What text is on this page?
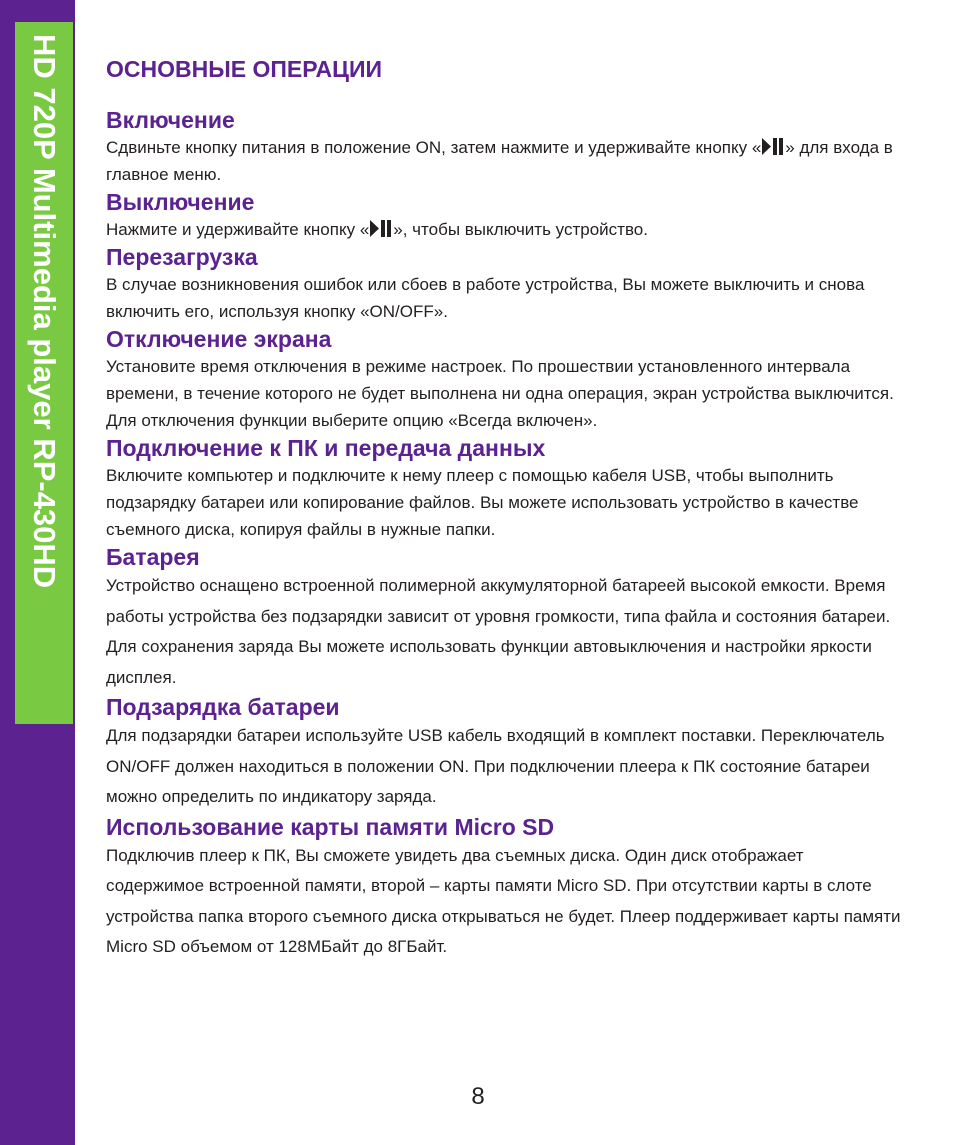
HD 720P Multimedia player RP-430HD	ОСНОВНЫЕ ОПЕРАЦИИ
Включение

Сдвиньте кнопку питания в положение ON, затем нажмите и удерживайте кнопку « » для входа в главное меню.

Выключение

Нажмите и удерживайте кнопку « », чтобы выключить устройство.

Перезагрузка

В случае возникновения ошибок или сбоев в работе устройства, Вы можете выключить и снова включить его, используя кнопку «ON/OFF».

Отключение экрана

Установите время отключения в режиме настроек. По прошествии установленного интервала времени, в течение которого не будет выполнена ни одна операция, экран устройства выключится. Для отключения функции выберите опцию «Всегда включен».

Подключение к ПК и передача данных

Включите компьютер и подключите к нему плеер с помощью кабеля USB, чтобы выполнить подзарядку батареи или копирование файлов. Вы можете использовать устройство в качестве съемного диска, копируя файлы в нужные папки.

Батарея

Устройство оснащено встроенной полимерной аккумуляторной батареей высокой емкости. Время работы устройства без подзарядки зависит от уровня громкости, типа файла и состояния батареи. Для сохранения заряда Вы можете использовать функции автовыключения и настройки яркости дисплея.

Подзарядка батареи

Для подзарядки батареи используйте USB кабель входящий в комплект поставки. Переключатель ON/OFF должен находиться в положении ON. При подключении плеера к ПК состояние батареи можно определить по индикатору заряда.

Использование карты памяти Micro SD

Подключив плеер к ПК, Вы сможете увидеть два съемных диска. Один диск отображает содержимое встроенной памяти, второй – карты памяти Micro SD. При отсутствии карты в слоте устройства папка второго съемного диска открываться не будет. Плеер поддерживает карты памяти Micro SD объемом от 128МБайт до 8ГБайт.

8
